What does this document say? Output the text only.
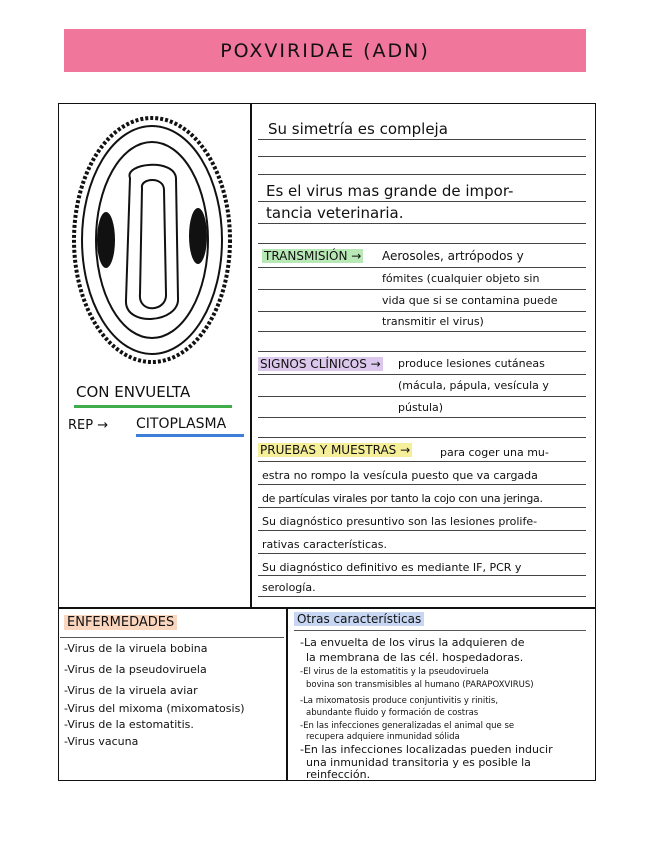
POXVIRIDAE (ADN)
CON ENVUELTA
REP → CITOPLASMA
Su simetría es compleja
Es el virus mas grande de impor-
tancia veterinaria.
TRANSMISIÓN → Aerosoles, artrópodos y
fómites (cualquier objeto sin
vida que si se contamina puede
transmitir el virus)
SIGNOS CLÍNICOS → produce lesiones cutáneas
(mácula, pápula, vesícula y
pústula)
PRUEBAS Y MUESTRAS →	para coger una mu-
estra no rompo la vesícula puesto que va cargada
de partículas virales por tanto la cojo con una jeringa.
Su diagnóstico presuntivo son las lesiones prolife-
rativas características.
Su diagnóstico definitivo es mediante IF, PCR y
serología.
ENFERMEDADES
-Virus de la viruela bobina
-Virus de la pseudoviruela
-Virus de la viruela aviar
-Virus del mixoma (mixomatosis)
-Virus de la estomatitis.
-Virus vacuna
Otras características
-La envuelta de los virus la adquieren de
la membrana de las cél. hospedadoras.
-El virus de la estomatitis y la pseudoviruela
bovina son transmisibles al humano (PARAPOXVIRUS)
-La mixomatosis produce conjuntivitis y rinitis,
abundante fluido y formación de costras
-En las infecciones generalizadas el animal que se
recupera adquiere inmunidad sólida
-En las infecciones localizadas pueden inducir
una inmunidad transitoria y es posible la
reinfección.
